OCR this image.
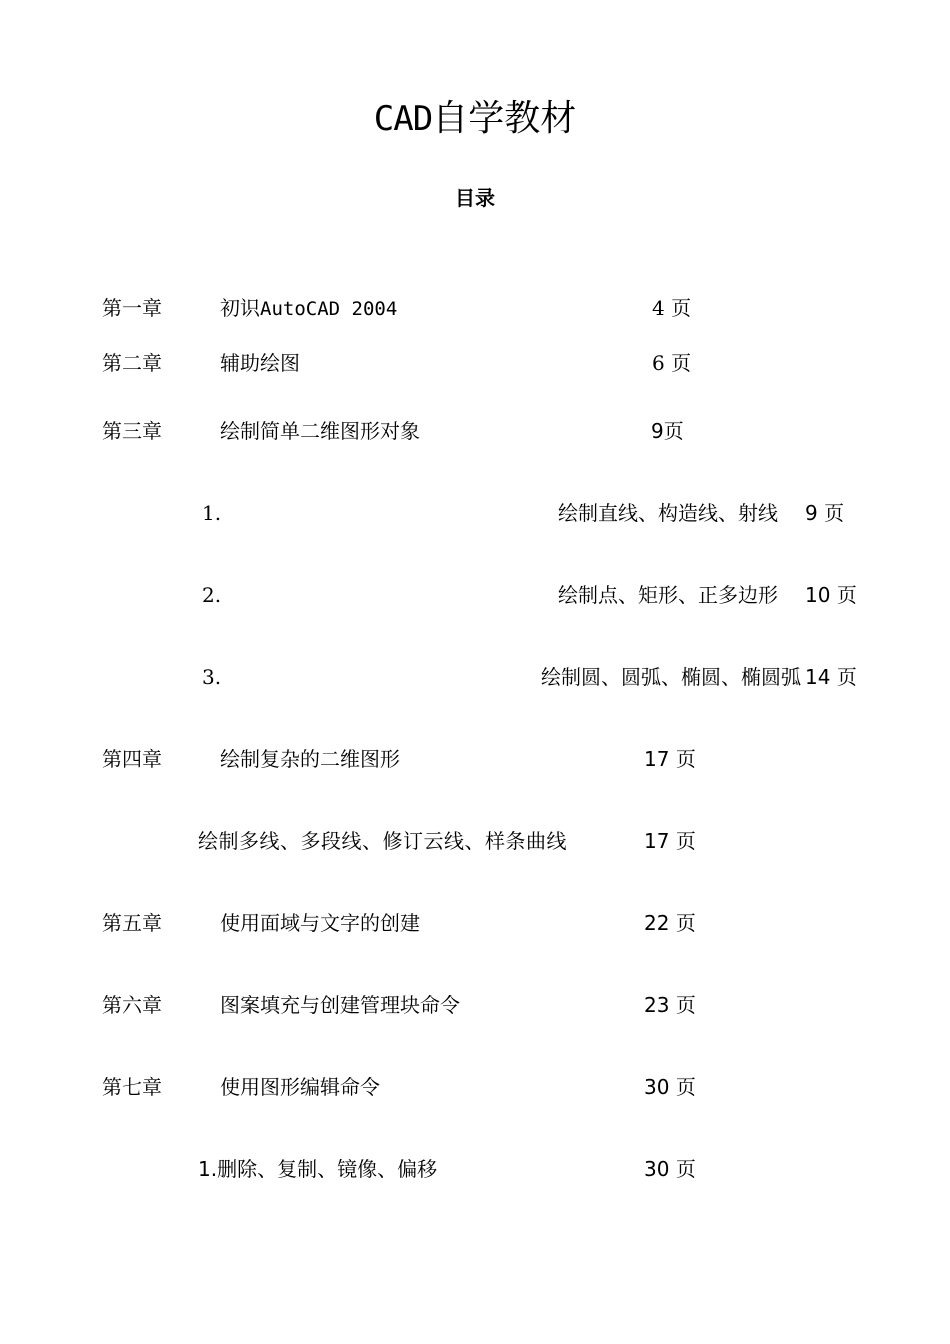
CAD自学教材
目录
第一章	初识AutoCAD 2004	4 页
第二章	辅助绘图	6 页
第三章	绘制简单二维图形对象	9页
1.	绘制直线、构造线、射线 9 页
2.	绘制点、矩形、正多边形 10 页
3.	绘制圆、圆弧、椭圆、椭圆弧 14 页
第四章	绘制复杂的二维图形	17 页
绘制多线、多段线、修订云线、样条曲线	17 页
第五章	使用面域与文字的创建	22 页
第六章	图案填充与创建管理块命令	23 页
第七章	使用图形编辑命令	30 页
1.删除、复制、镜像、偏移	30 页
